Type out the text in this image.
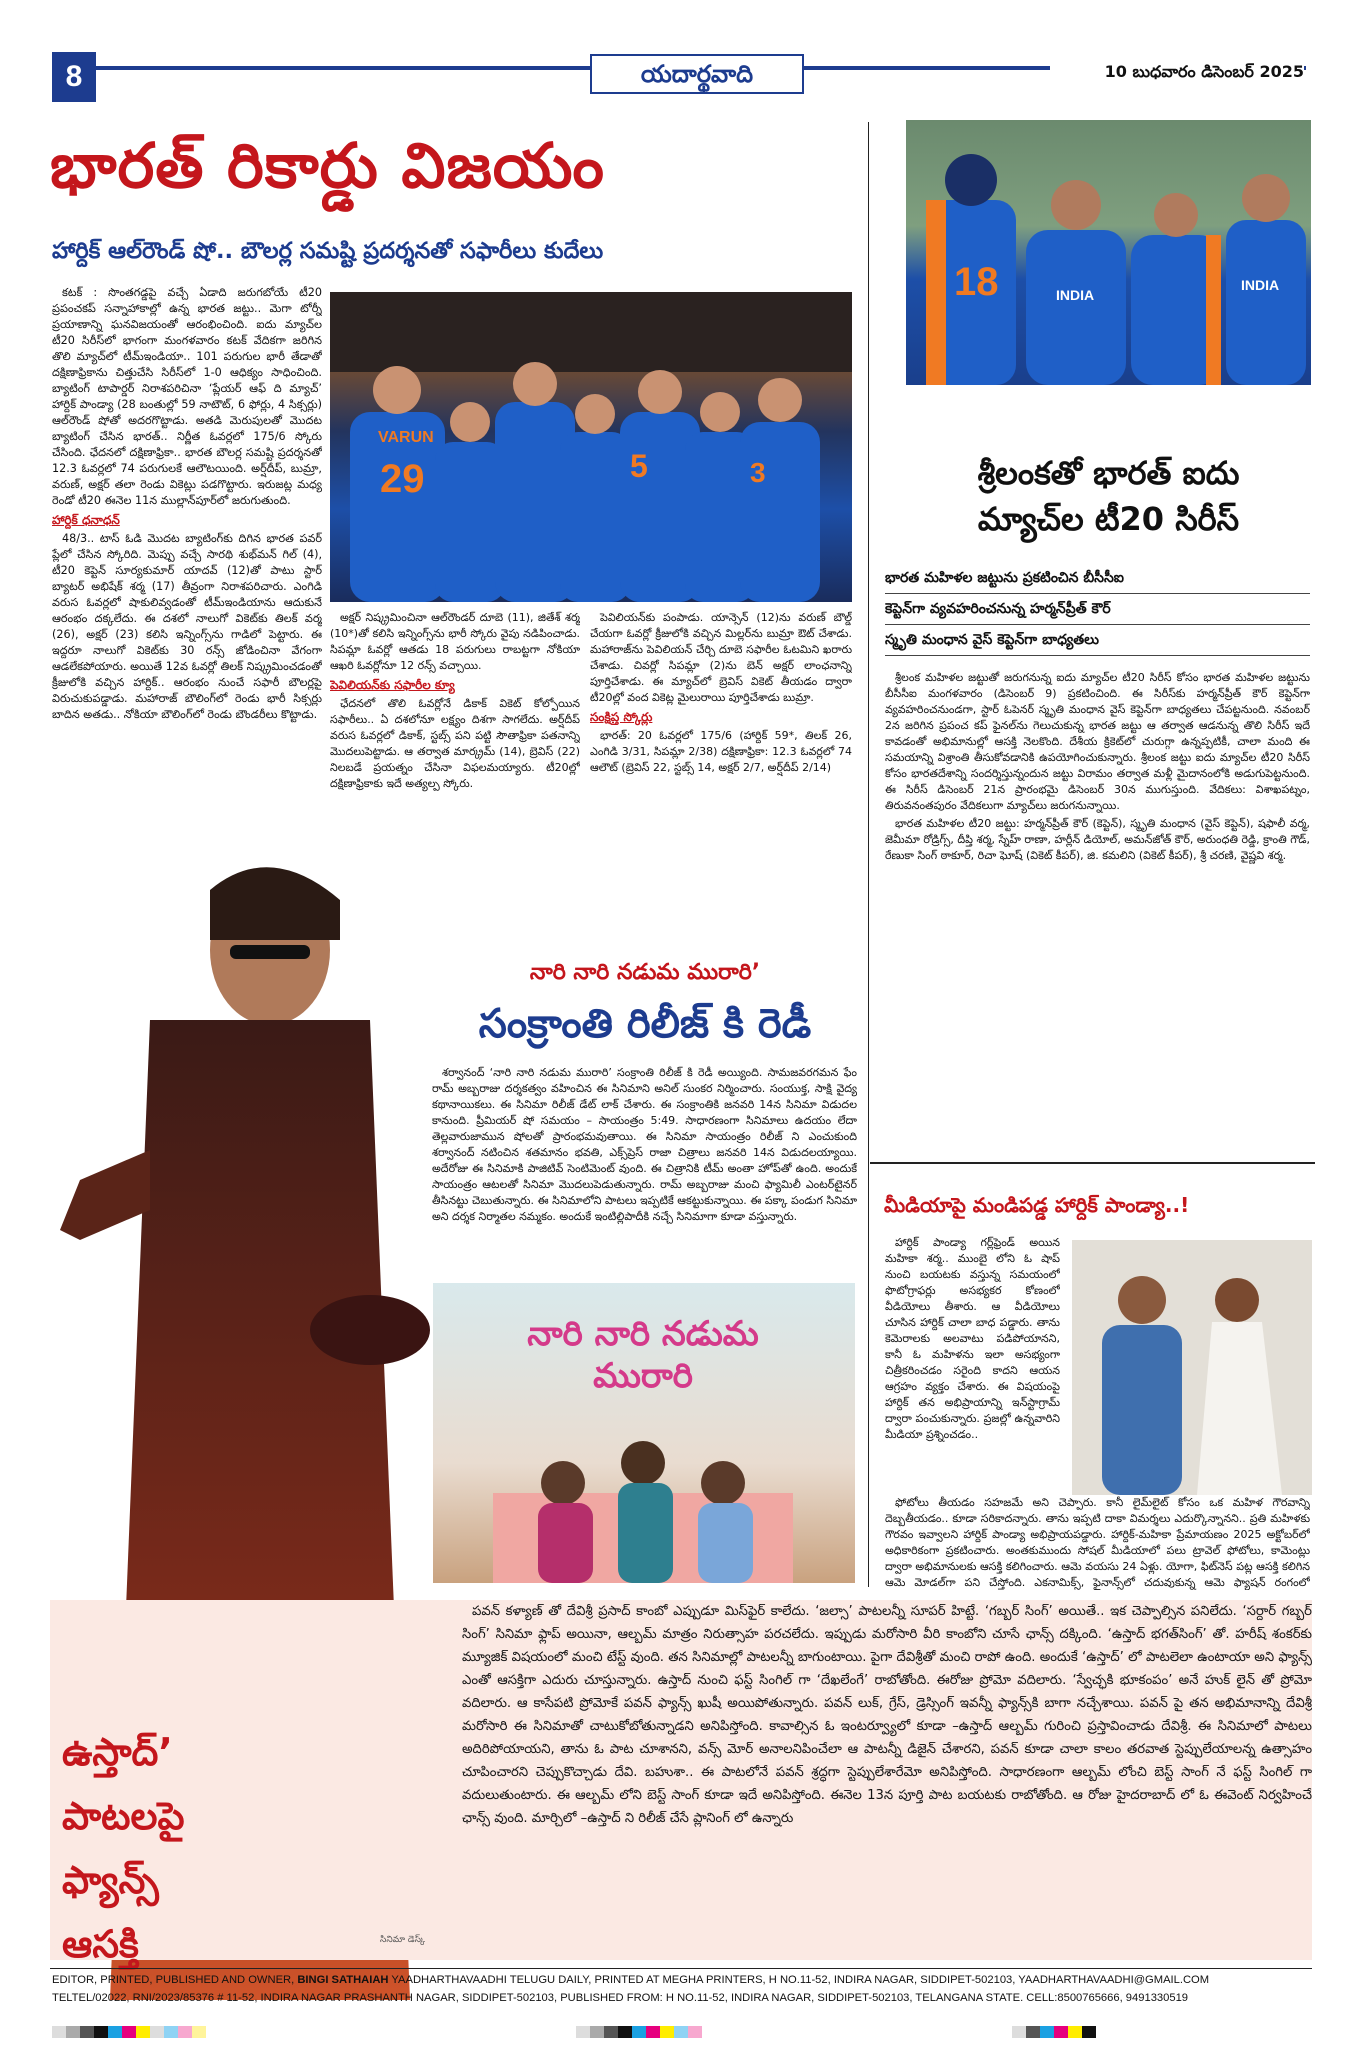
8	యదార్థవాది	10 బుధవారం డిసెంబర్ 2025
భారత్ రికార్డు విజయం
హార్దిక్ ఆల్‌రౌండ్ షో.. బౌలర్ల సమష్టి ప్రదర్శనతో సఫారీలు కుదేలు

కటక్ : సొంతగడ్డపై వచ్చే ఏడాది జరుగబోయే టీ20 ప్రపంచకప్ సన్నాహాకాల్లో ఉన్న భారత జట్టు.. మెగా టోర్నీ ప్రయాణాన్ని ఘనవిజయంతో ఆరంభించింది. ఐదు మ్యాచ్‌ల టీ20 సిరీస్‌లో భాగంగా మంగళవారం కటక్ వేదికగా జరిగిన తొలి మ్యాచ్‌లో టీమ్ఇండియా.. 101 పరుగుల భారీ తేడాతో దక్షిణాఫ్రికాను చిత్తుచేసి సిరీస్‌లో 1-0 ఆధిక్యం సాధించింది. బ్యాటింగ్ టాపార్డర్ నిరాశపరిచినా ‘ప్లేయర్ ఆఫ్ ది మ్యాచ్’ హార్దిక్ పాండ్యా (28 బంతుల్లో 59 నాటౌట్, 6 ఫోర్లు, 4 సిక్సర్లు) ఆల్‌రౌండ్ షోతో అదరగొట్టాడు. అతడి మెరుపులతో మొదట బ్యాటింగ్ చేసిన భారత్.. నిర్ణీత ఓవర్లలో 175/6 స్కోరు చేసింది. ఛేదనలో దక్షిణాఫ్రికా.. భారత బౌలర్ల సమష్టి ప్రదర్శనతో 12.3 ఓవర్లలో 74 పరుగులకే ఆలౌటయింది. అర్ష్‌దీప్, బుమ్రా, వరుణ్, అక్షర్ తలా రెండు వికెట్లు పడగొట్టారు. ఇరుజట్ల మధ్య రెండో టీ20 ఈనెల 11న ముల్లాన్‌పూర్‌లో జరుగుతుంది.

హార్దిక్ ధనాధన్

48/3.. టాస్ ఓడి మొదట బ్యాటింగ్‌కు దిగిన భారత పవర్ ప్లేలో చేసిన స్కోరిది. మెప్పు వచ్చే సారథి శుభ్‌మన్ గిల్ (4), టీ20 కెప్టెన్ సూర్యకుమార్ యాదవ్ (12)తో పాటు స్టార్ బ్యాటర్ అభిషేక్ శర్మ (17) తీవ్రంగా నిరాశపరిచారు. ఎంగిడి వరుస ఓవర్లలో షాకులివ్వడంతో టీమ్ఇండియాను ఆదుకునే ఆరంభం దక్కలేదు. ఈ దశలో నాలుగో వికెట్‌కు తిలక్ వర్మ (26), అక్షర్ (23) కలిసి ఇన్నింగ్స్‌ను గాడిలో పెట్టారు. ఈ ఇద్దరూ నాలుగో వికెట్‌కు 30 రన్స్ జోడించినా వేగంగా ఆడలేకపోయారు. అయితే 12వ ఓవర్లో తిలక్ నిష్క్రమించడంతో క్రీజులోకి వచ్చిన హార్దిక్.. ఆరంభం నుంచే సఫారీ బౌలర్లపై విరుచుకుపడ్డాడు. మహారాజ్ బౌలింగ్‌లో రెండు భారీ సిక్సర్లు బాదిన అతడు.. నోకియా బౌలింగ్‌లో రెండు బౌండరీలు కొట్టాడు.

29
VARUN
5	3

అక్షర్ నిష్క్రమించినా ఆల్‌రౌండర్ దూబె (11), జితేశ్ శర్మ (10*)తో కలిసి ఇన్నింగ్స్‌ను భారీ స్కోరు వైపు నడిపించాడు. సిపమ్లా ఓవర్లో ఆతడు 18 పరుగులు రాబట్టగా నోకియా ఆఖరి ఓవర్లోనూ 12 రన్స్ వచ్చాయి.

పెవిలియన్‌కు సఫారీల క్యూ

ఛేదనలో తొలి ఓవర్లోనే డికాక్ వికెట్ కోల్పోయిన సఫారీలు.. ఏ దశలోనూ లక్ష్యం దిశగా సాగలేదు. అర్ష్‌దీప్ వరుస ఓవర్లలో డికాక్, స్టబ్స్ పని పట్టి సౌతాఫ్రికా పతనాన్ని మొదలుపెట్టాడు. ఆ తర్వాత మార్క్రమ్ (14), బ్రెవిస్ (22) నిలబడే ప్రయత్నం చేసినా విఫలమయ్యారు. టీ20ల్లో దక్షిణాఫ్రికాకు ఇదే అత్యల్ప స్కోరు.

పెవిలియన్‌కు పంపాడు. యాన్సెన్ (12)ను వరుణ్ బౌల్డ్ చేయగా ఓవర్లో క్రీజులోకి వచ్చిన మిల్లర్‌ను బుమ్రా ఔట్ చేశాడు. మహారాజ్‌ను పెవిలియన్ చేర్చి దూబె సఫారీల ఓటమిని ఖరారు చేశాడు. చివర్లో సిపమ్లా (2)ను బెన్ అక్షర్ లాంఛనాన్ని పూర్తిచేశాడు. ఈ మ్యాచ్‌లో బ్రెవిస్ వికెట్ తీయడం ద్వారా టీ20ల్లో వంద వికెట్ల మైలురాయి పూర్తిచేశాడు బుమ్రా.

సంక్షిప్త స్కోర్లు

భారత్: 20 ఓవర్లలో 175/6 (హార్దిక్ 59*, తిలక్ 26, ఎంగిడి 3/31, సిపమ్లా 2/38) దక్షిణాఫ్రికా: 12.3 ఓవర్లలో 74 ఆలౌట్ (బ్రెవిస్ 22, స్టబ్స్ 14, అక్షర్ 2/7, అర్ష్‌దీప్ 2/14)

18	INDIA
INDIA
శ్రీలంకతో భారత్ ఐదు
మ్యాచ్‌ల టీ20 సిరీస్
భారత మహిళల జట్టును ప్రకటించిన బీసీసీఐ
కెప్టెన్‌గా వ్యవహరించనున్న హర్మన్‌ప్రీత్ కౌర్
స్మృతి మంధాన వైస్ కెప్టెన్‌గా బాధ్యతలు

శ్రీలంక మహిళల జట్టుతో జరుగనున్న ఐదు మ్యాచ్‌ల టీ20 సిరీస్ కోసం భారత మహిళల జట్టును బీసీసీఐ మంగళవారం (డిసెంబర్ 9) ప్రకటించింది. ఈ సిరీస్‌కు హర్మన్‌ప్రీత్ కౌర్ కెప్టెన్‌గా వ్యవహరించనుండగా, స్టార్ ఓపెనర్ స్మృతి మంధాన వైస్ కెప్టెన్‌గా బాధ్యతలు చేపట్టనుంది. నవంబర్ 2న జరిగిన ప్రపంచ కప్ ఫైనల్‌ను గెలుచుకున్న భారత జట్టు ఆ తర్వాత ఆడనున్న తొలి సిరీస్ ఇదే కావడంతో అభిమానుల్లో ఆసక్తి నెలకొంది. దేశీయ క్రికెట్‌లో చురుగ్గా ఉన్నప్పటికీ, చాలా మంది ఈ సమయాన్ని విశ్రాంతి తీసుకోవడానికి ఉపయోగించుకున్నారు. శ్రీలంక జట్టు ఐదు మ్యాచ్‌ల టీ20 సిరీస్ కోసం భారతదేశాన్ని సందర్శిస్తున్నందున జట్టు విరామం తర్వాత మళ్లీ మైదానంలోకి అడుగుపెట్టనుంది. ఈ సిరీస్ డిసెంబర్ 21న ప్రారంభమై డిసెంబర్ 30న ముగుస్తుంది. వేదికలు: విశాఖపట్నం, తిరువనంతపురం వేదికలుగా మ్యాచ్‌లు జరుగనున్నాయి.

భారత మహిళల టీ20 జట్టు: హర్మన్‌ప్రీత్ కౌర్ (కెప్టెన్), స్మృతి మంధాన (వైస్ కెప్టెన్), షఫాలీ వర్మ, జెమీమా రోడ్రిగ్స్, దీప్తి శర్మ, స్నేహ్ రాణా, హర్లీన్ డియోల్, అమన్‌జోత్ కౌర్, అరుంధతి రెడ్డి, క్రాంతి గౌడ్, రేణుకా సింగ్ ఠాకూర్, రిచా ఘోష్ (వికెట్ కీపర్), జి. కమలిని (వికెట్ కీపర్), శ్రీ చరణి, వైష్ణవి శర్మ.

మీడియాపై మండిపడ్డ హార్దిక్ పాండ్యా..!

హార్దిక్ పాండ్యా గర్ల్‌ఫ్రెండ్ అయిన మహికా శర్మ.. ముంబై లోని ఓ షాప్ నుంచి బయటకు వస్తున్న సమయంలో ఫొటోగ్రాఫర్లు అసభ్యకర కోణంలో వీడియోలు తీశారు. ఆ వీడియోలు చూసిన హార్దిక్ చాలా బాధ పడ్డారు. తాను కెమెరాలకు అలవాటు పడిపోయానని, కానీ ఓ మహిళను ఇలా అసభ్యంగా చిత్రీకరించడం సరైంది కాదని ఆయన ఆగ్రహం వ్యక్తం చేశారు. ఈ విషయంపై హార్దిక్ తన అభిప్రాయాన్ని ఇన్‌స్టాగ్రామ్ ద్వారా పంచుకున్నారు. ప్రజల్లో ఉన్నవారిని మీడియా ప్రశ్నించడం..

ఫోటోలు తీయడం సహజమే అని చెప్పారు. కానీ లైమ్‌లైట్ కోసం ఒక మహిళ గౌరవాన్ని దెబ్బతీయడం.. కూడా సరికాదన్నారు. తాను ఇప్పటి దాకా విమర్శలు ఎదుర్కొన్నానని.. ప్రతి మహిళకు గౌరవం ఇవ్వాలని హార్దిక్ పాండ్యా అభిప్రాయపడ్డారు. హార్దిక్-మహికా ప్రేమాయణం 2025 అక్టోబర్‌లో అధికారికంగా ప్రకటించారు. అంతకుముందు సోషల్ మీడియాలో పలు ట్రావెల్ ఫోటోలు, కామెంట్లు ద్వారా అభిమానులకు ఆసక్తి కలిగించారు. ఆమె వయసు 24 ఏళ్లు. యోగా, ఫిట్‌నెస్ పట్ల ఆసక్తి కలిగిన ఆమె మోడల్‌గా పని చేస్తోంది. ఎకనామిక్స్, ఫైనాన్స్‌లో చదువుకున్న ఆమె ఫ్యాషన్ రంగంలో

నారి నారి నడుమ మురారి’
సంక్రాంతి రిలీజ్ కి రెడీ

శర్వానంద్ ‘నారి నారి నడుమ మురారి’ సంక్రాంతి రిలీజ్ కి రెడీ అయ్యింది. సామజవరగమన ఫేం రామ్ అబ్బరాజు దర్శకత్వం వహించిన ఈ సినిమాని అనిల్ సుంకర నిర్మించారు. సంయుక్త, సాక్షి వైద్య కథానాయికలు. ఈ సినిమా రిలీజ్ డేట్ లాక్ చేశారు. ఈ సంక్రాంతికి జనవరి 14న సినిమా విడుదల కానుంది. ప్రీమియర్ షో సమయం – సాయంత్రం 5:49. సాధారణంగా సినిమాలు ఉదయం లేదా తెల్లవారుజామున షోలతో ప్రారంభమవుతాయి. ఈ సినిమా సాయంత్రం రిలీజ్ ని ఎంచుకుంది శర్వానంద్ నటించిన శతమానం భవతి, ఎక్స్‌ప్రెస్ రాజా చిత్రాలు జనవరి 14న విడుదలయ్యాయి. అదేరోజు ఈ సినిమాకి పాజిటివ్ సెంటిమెంట్ వుంది. ఈ చిత్రానికి టీమ్ అంతా హోప్‌తో ఉంది. అందుకే సాయంత్రం ఆటలతో సినిమా మొదలుపెడుతున్నారు. రామ్ అబ్బరాజు మంచి ఫ్యామిలీ ఎంటర్‌టైనర్ తీసినట్టు చెబుతున్నారు. ఈ సినిమాలోని పాటలు ఇప్పటికే ఆకట్టుకున్నాయి. ఈ పక్కా పండుగ సినిమా అని దర్శక నిర్మాతల నమ్మకం. అందుకే ఇంటిల్లిపాదీకి నచ్చే సినిమాగా కూడా వస్తున్నారు.

నారి నారి నడుమ మురారి
ఉస్తాద్’ పాటలపై ఫ్యాన్స్ ఆసక్తి

పవన్ కళ్యాణ్ తో దేవిశ్రీ ప్రసాద్ కాంబో ఎప్పుడూ మిస్‌ఫైర్ కాలేదు. ‘జల్సా’ పాటలన్నీ సూపర్ హిట్టే. ‘గబ్బర్ సింగ్’ అయితే.. ఇక చెప్పాల్సిన పనిలేదు. ‘సర్దార్ గబ్బర్ సింగ్’ సినిమా ఫ్లాప్ అయినా, ఆల్బమ్ మాత్రం నిరుత్సాహ పరచలేదు. ఇప్పుడు మరోసారి వీరి కాంబోని చూసే ఛాన్స్ దక్కింది. ‘ఉస్తాద్ భగత్‌సింగ్’ తో. హరీష్ శంకర్‌కు మ్యూజిక్ విషయంలో మంచి టేస్ట్ వుంది. తన సినిమాల్లో పాటలన్నీ బాగుంటాయి. పైగా దేవిశ్రీతో మంచి రాపో ఉంది. అందుకే ‘ఉస్తాద్’ లో పాటలెలా ఉంటాయా అని ఫ్యాన్స్ ఎంతో ఆసక్తిగా ఎదురు చూస్తున్నారు. ఉస్తాద్ నుంచి ఫస్ట్ సింగిల్ గా ‘దేఖలేంగే’ రాబోతోంది. ఈరోజు ప్రోమో వదిలారు. ‘స్వేచ్ఛకి భూకంపం’ అనే హుక్ లైన్ తో ప్రోమో వదిలారు. ఆ కాసేపటి ప్రోమోకే పవన్ ఫ్యాన్స్ ఖుషీ అయిపోతున్నారు. పవన్ లుక్, గ్రేస్, డ్రెస్సింగ్ ఇవన్నీ ఫ్యాన్స్‌కి బాగా నచ్చేశాయి. పవన్ పై తన అభిమానాన్ని దేవిశ్రీ మరోసారి ఈ సినిమాతో చాటుకోబోతున్నాడని అనిపిస్తోంది. కావాల్సిన ఓ ఇంటర్వ్యూలో కూడా –ఉస్తాద్ ఆల్బమ్ గురించి ప్రస్తావించాడు దేవిశ్రీ. ఈ సినిమాలో పాటలు అదిరిపోయాయని, తాను ఓ పాట చూశానని, వన్స్ మోర్ అనాలనిపించేలా ఆ పాటన్నీ డిజైన్ చేశారని, పవన్ కూడా చాలా కాలం తరవాత స్టెప్పులేయాలన్న ఉత్సాహం చూపించారని చెప్పుకొచ్చాడు దేవి. బహుశా.. ఈ పాటలోనే పవన్ శ్రద్ధగా స్టెప్పులేశారేమో అనిపిస్తోంది. సాధారణంగా ఆల్బమ్ లోంచి బెస్ట్ సాంగ్ నే ఫస్ట్ సింగిల్ గా వదులుతుంటారు. ఈ ఆల్బమ్ లోని బెస్ట్ సాంగ్ కూడా ఇదే అనిపిస్తోంది. ఈనెల 13న పూర్తి పాట బయటకు రాబోతోంది. ఆ రోజు హైదరాబాద్ లో ఓ ఈవెంట్ నిర్వహించే ఛాన్స్ వుంది. మార్చిలో –ఉస్తాద్ ని రిలీజ్ చేసే ప్లానింగ్ లో ఉన్నారు

సినిమా డెస్క్
EDITOR, PRINTED, PUBLISHED AND OWNER, BINGI SATHAIAH YAADHARTHAVAADHI TELUGU DAILY, PRINTED AT MEGHA PRINTERS, H NO.11-52, INDIRA NAGAR, SIDDIPET-502103, YAADHARTHAVAADHI@GMAIL.COM
TELTEL/02022, RNI/2023/85376 # 11-52, INDIRA NAGAR PRASHANTH NAGAR, SIDDIPET-502103, PUBLISHED FROM: H NO.11-52, INDIRA NAGAR, SIDDIPET-502103, TELANGANA STATE. CELL:8500765666, 9491330519
